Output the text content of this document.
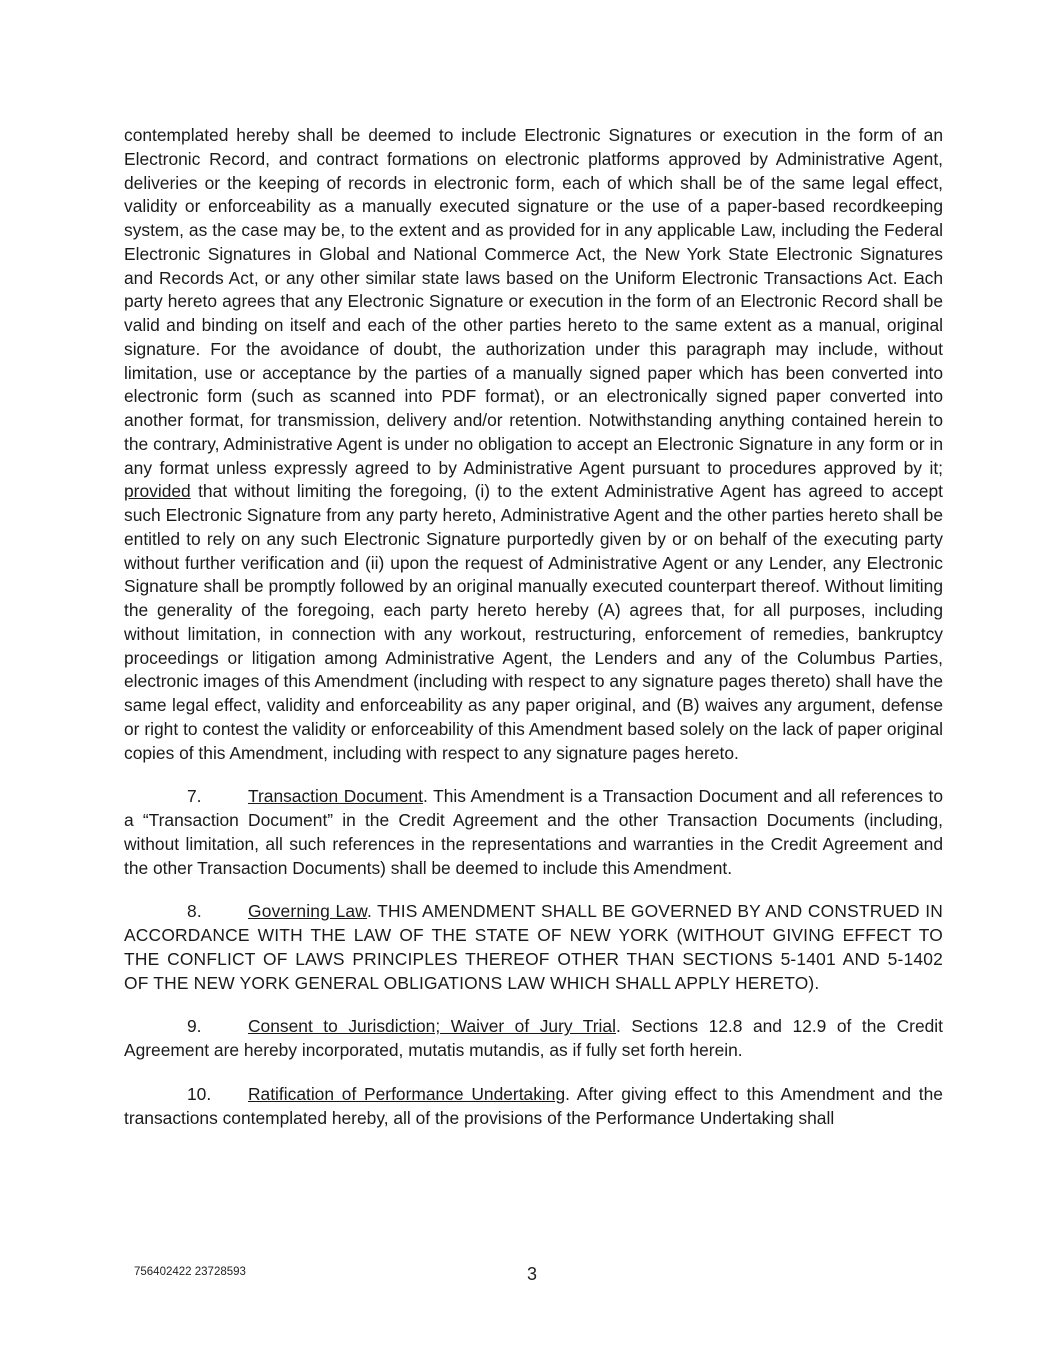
contemplated hereby shall be deemed to include Electronic Signatures or execution in the form of an Electronic Record, and contract formations on electronic platforms approved by Administrative Agent, deliveries or the keeping of records in electronic form, each of which shall be of the same legal effect, validity or enforceability as a manually executed signature or the use of a paper-based recordkeeping system, as the case may be, to the extent and as provided for in any applicable Law, including the Federal Electronic Signatures in Global and National Commerce Act, the New York State Electronic Signatures and Records Act, or any other similar state laws based on the Uniform Electronic Transactions Act. Each party hereto agrees that any Electronic Signature or execution in the form of an Electronic Record shall be valid and binding on itself and each of the other parties hereto to the same extent as a manual, original signature. For the avoidance of doubt, the authorization under this paragraph may include, without limitation, use or acceptance by the parties of a manually signed paper which has been converted into electronic form (such as scanned into PDF format), or an electronically signed paper converted into another format, for transmission, delivery and/or retention. Notwithstanding anything contained herein to the contrary, Administrative Agent is under no obligation to accept an Electronic Signature in any form or in any format unless expressly agreed to by Administrative Agent pursuant to procedures approved by it; provided that without limiting the foregoing, (i) to the extent Administrative Agent has agreed to accept such Electronic Signature from any party hereto, Administrative Agent and the other parties hereto shall be entitled to rely on any such Electronic Signature purportedly given by or on behalf of the executing party without further verification and (ii) upon the request of Administrative Agent or any Lender, any Electronic Signature shall be promptly followed by an original manually executed counterpart thereof. Without limiting the generality of the foregoing, each party hereto hereby (A) agrees that, for all purposes, including without limitation, in connection with any workout, restructuring, enforcement of remedies, bankruptcy proceedings or litigation among Administrative Agent, the Lenders and any of the Columbus Parties, electronic images of this Amendment (including with respect to any signature pages thereto) shall have the same legal effect, validity and enforceability as any paper original, and (B) waives any argument, defense or right to contest the validity or enforceability of this Amendment based solely on the lack of paper original copies of this Amendment, including with respect to any signature pages hereto.

7.	Transaction Document. This Amendment is a Transaction Document and all references to a “Transaction Document” in the Credit Agreement and the other Transaction Documents (including, without limitation, all such references in the representations and warranties in the Credit Agreement and the other Transaction Documents) shall be deemed to include this Amendment.

8.	Governing Law. THIS AMENDMENT SHALL BE GOVERNED BY AND CONSTRUED IN ACCORDANCE WITH THE LAW OF THE STATE OF NEW YORK (WITHOUT GIVING EFFECT TO THE CONFLICT OF LAWS PRINCIPLES THEREOF OTHER THAN SECTIONS 5-1401 AND 5-1402 OF THE NEW YORK GENERAL OBLIGATIONS LAW WHICH SHALL APPLY HERETO).

9.	Consent to Jurisdiction; Waiver of Jury Trial. Sections 12.8 and 12.9 of the Credit Agreement are hereby incorporated, mutatis mutandis, as if fully set forth herein.

10. Ratification of Performance Undertaking. After giving effect to this Amendment and the transactions contemplated hereby, all of the provisions of the Performance Undertaking shall

756402422 23728593	3
